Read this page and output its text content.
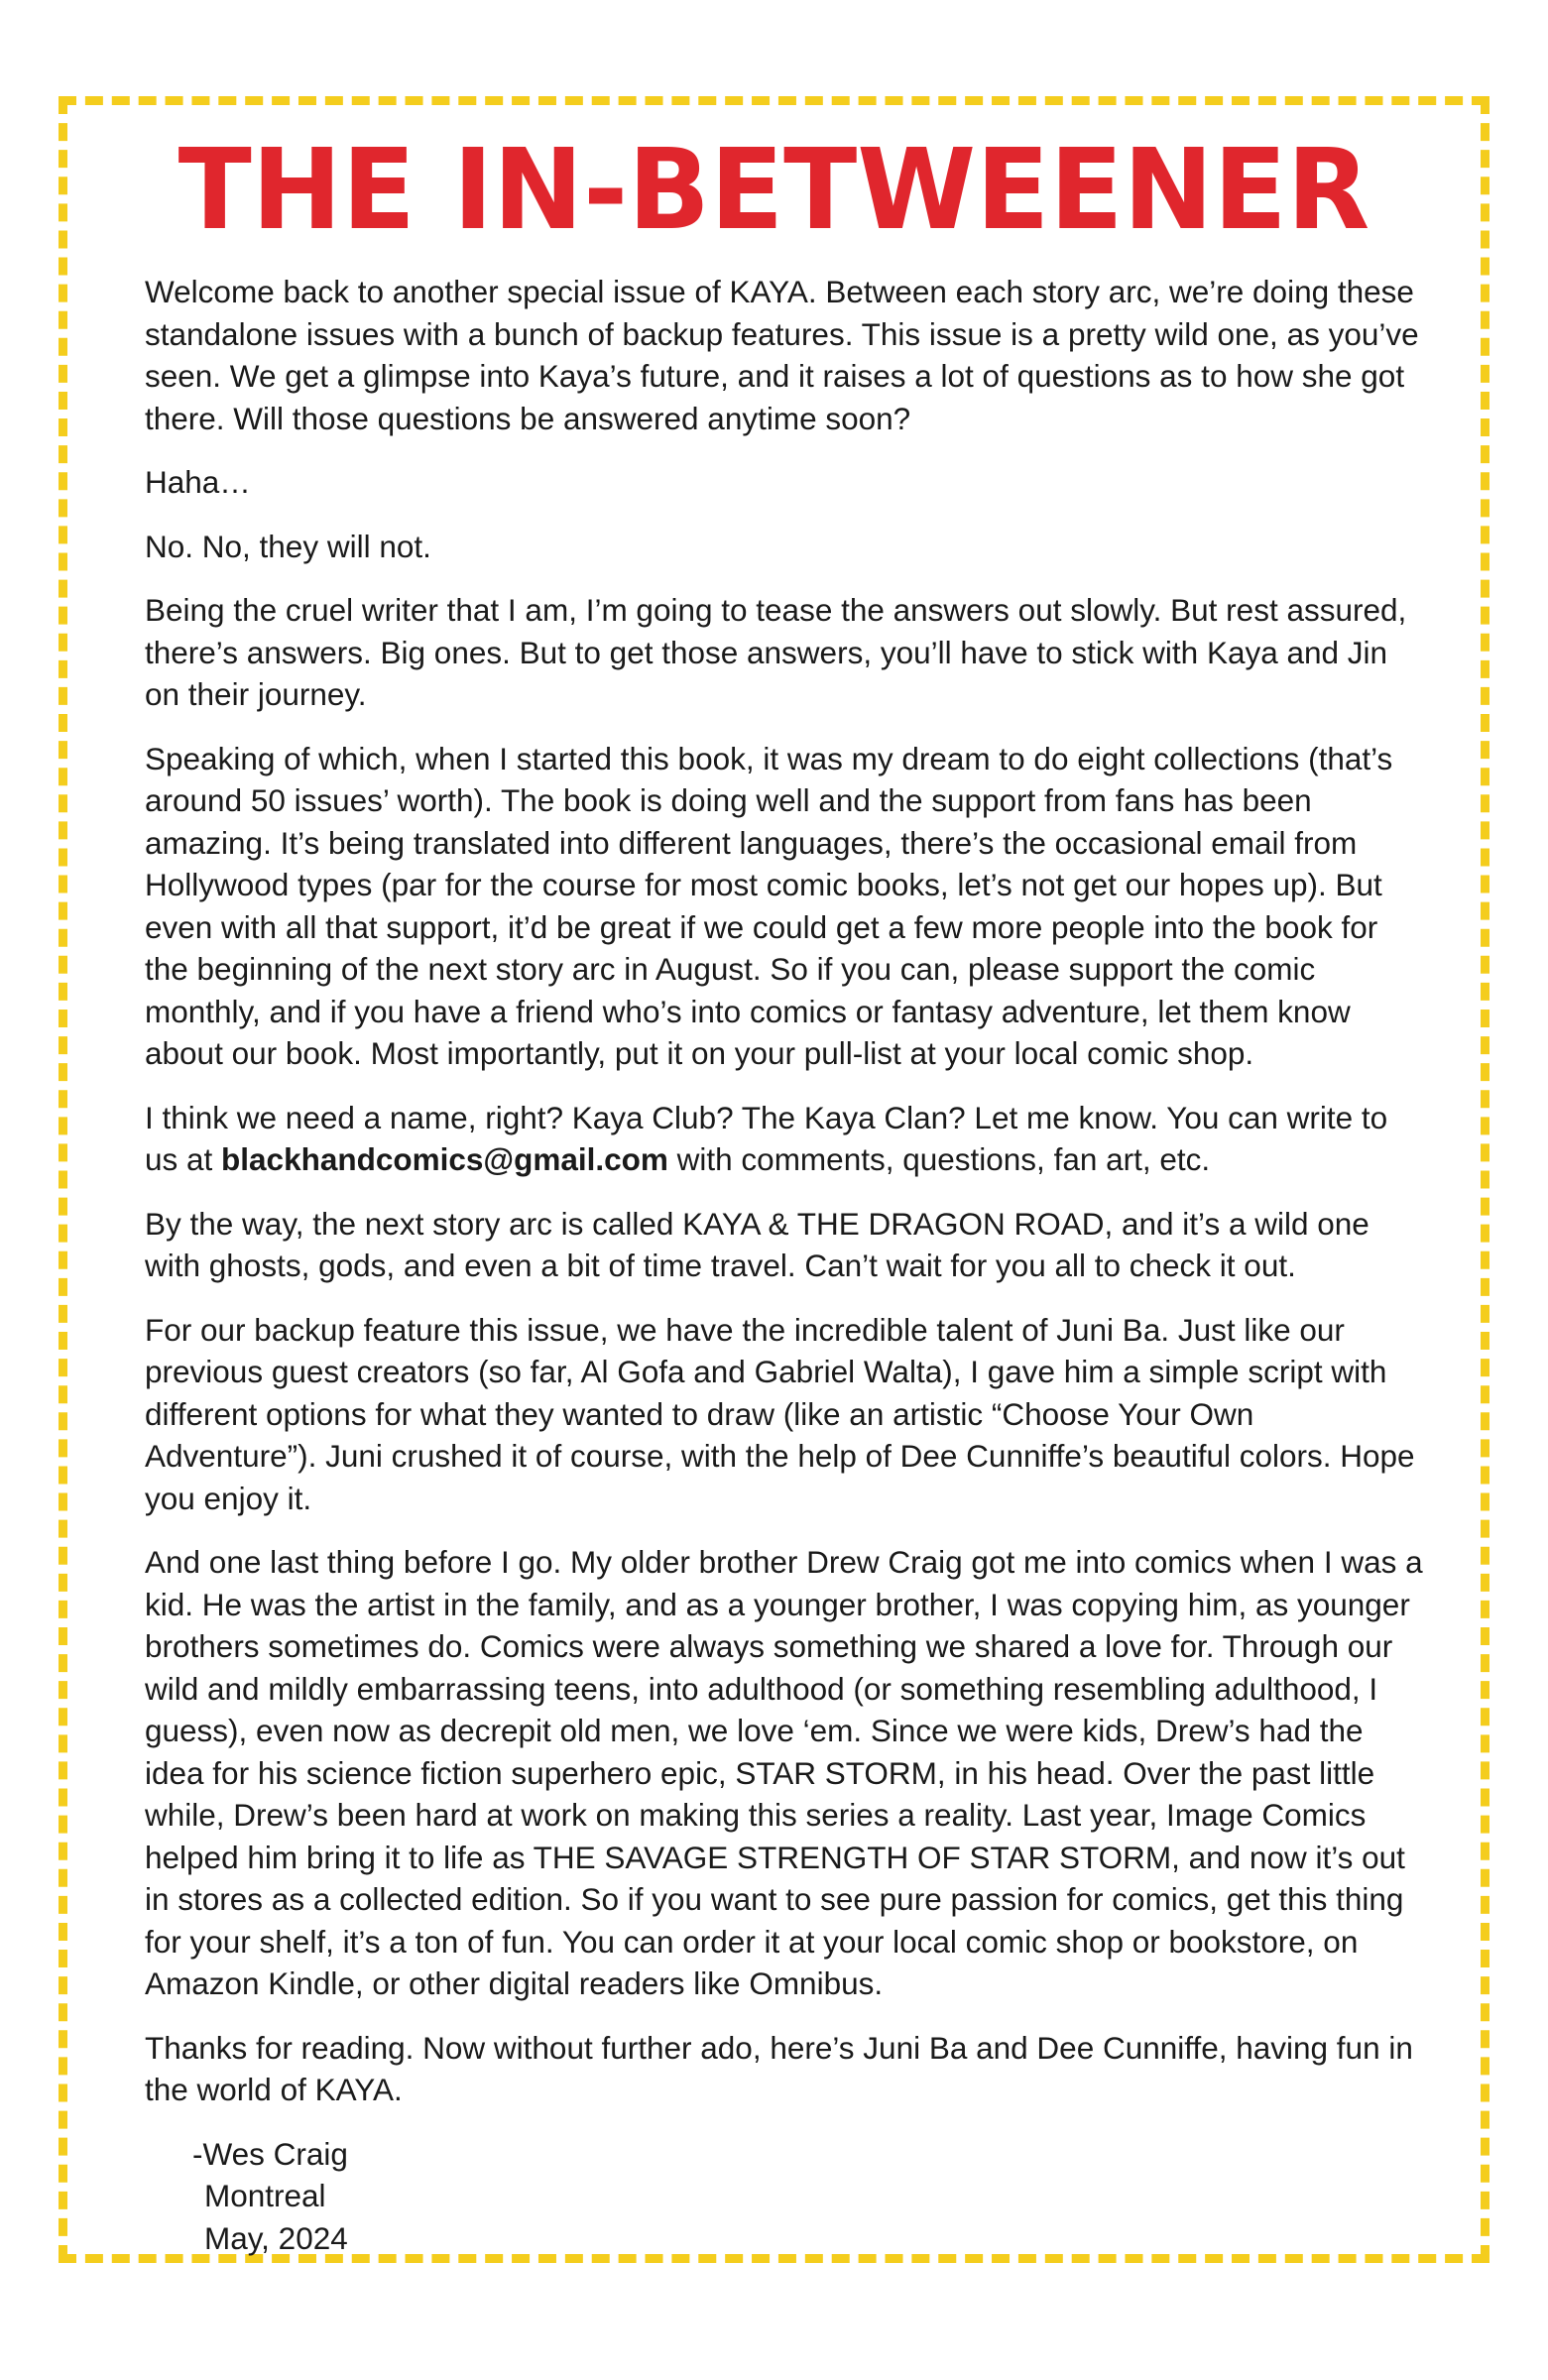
THE IN-BETWEENER

Welcome back to another special issue of KAYA. Between each story arc, we’re doing these standalone issues with a bunch of backup features. This issue is a pretty wild one, as you’ve seen. We get a glimpse into Kaya’s future, and it raises a lot of questions as to how she got there. Will those questions be answered anytime soon?

Haha…

No. No, they will not.

Being the cruel writer that I am, I’m going to tease the answers out slowly. But rest assured, there’s answers. Big ones. But to get those answers, you’ll have to stick with Kaya and Jin on their journey.

Speaking of which, when I started this book, it was my dream to do eight collections (that’s around 50 issues’ worth). The book is doing well and the support from fans has been amazing. It’s being translated into different languages, there’s the occasional email from Hollywood types (par for the course for most comic books, let’s not get our hopes up). But even with all that support, it’d be great if we could get a few more people into the book for the beginning of the next story arc in August. So if you can, please support the comic monthly, and if you have a friend who’s into comics or fantasy adventure, let them know about our book. Most importantly, put it on your pull-list at your local comic shop.

I think we need a name, right? Kaya Club? The Kaya Clan? Let me know. You can write to us at blackhandcomics@gmail.com with comments, questions, fan art, etc.

By the way, the next story arc is called KAYA & THE DRAGON ROAD, and it’s a wild one with ghosts, gods, and even a bit of time travel. Can’t wait for you all to check it out.

For our backup feature this issue, we have the incredible talent of Juni Ba. Just like our previous guest creators (so far, Al Gofa and Gabriel Walta), I gave him a simple script with different options for what they wanted to draw (like an artistic “Choose Your Own Adventure”). Juni crushed it of course, with the help of Dee Cunniffe’s beautiful colors. Hope you enjoy it.

And one last thing before I go. My older brother Drew Craig got me into comics when I was a kid. He was the artist in the family, and as a younger brother, I was copying him, as younger brothers sometimes do. Comics were always something we shared a love for. Through our wild and mildly embarrassing teens, into adulthood (or something resembling adulthood, I guess), even now as decrepit old men, we love ‘em. Since we were kids, Drew’s had the idea for his science fiction superhero epic, STAR STORM, in his head. Over the past little while, Drew’s been hard at work on making this series a reality. Last year, Image Comics helped him bring it to life as THE SAVAGE STRENGTH OF STAR STORM, and now it’s out in stores as a collected edition. So if you want to see pure passion for comics, get this thing for your shelf, it’s a ton of fun. You can order it at your local comic shop or bookstore, on Amazon Kindle, or other digital readers like Omnibus.

Thanks for reading. Now without further ado, here’s Juni Ba and Dee Cunniffe, having fun in the world of KAYA.

-Wes Craig
Montreal
May, 2024
